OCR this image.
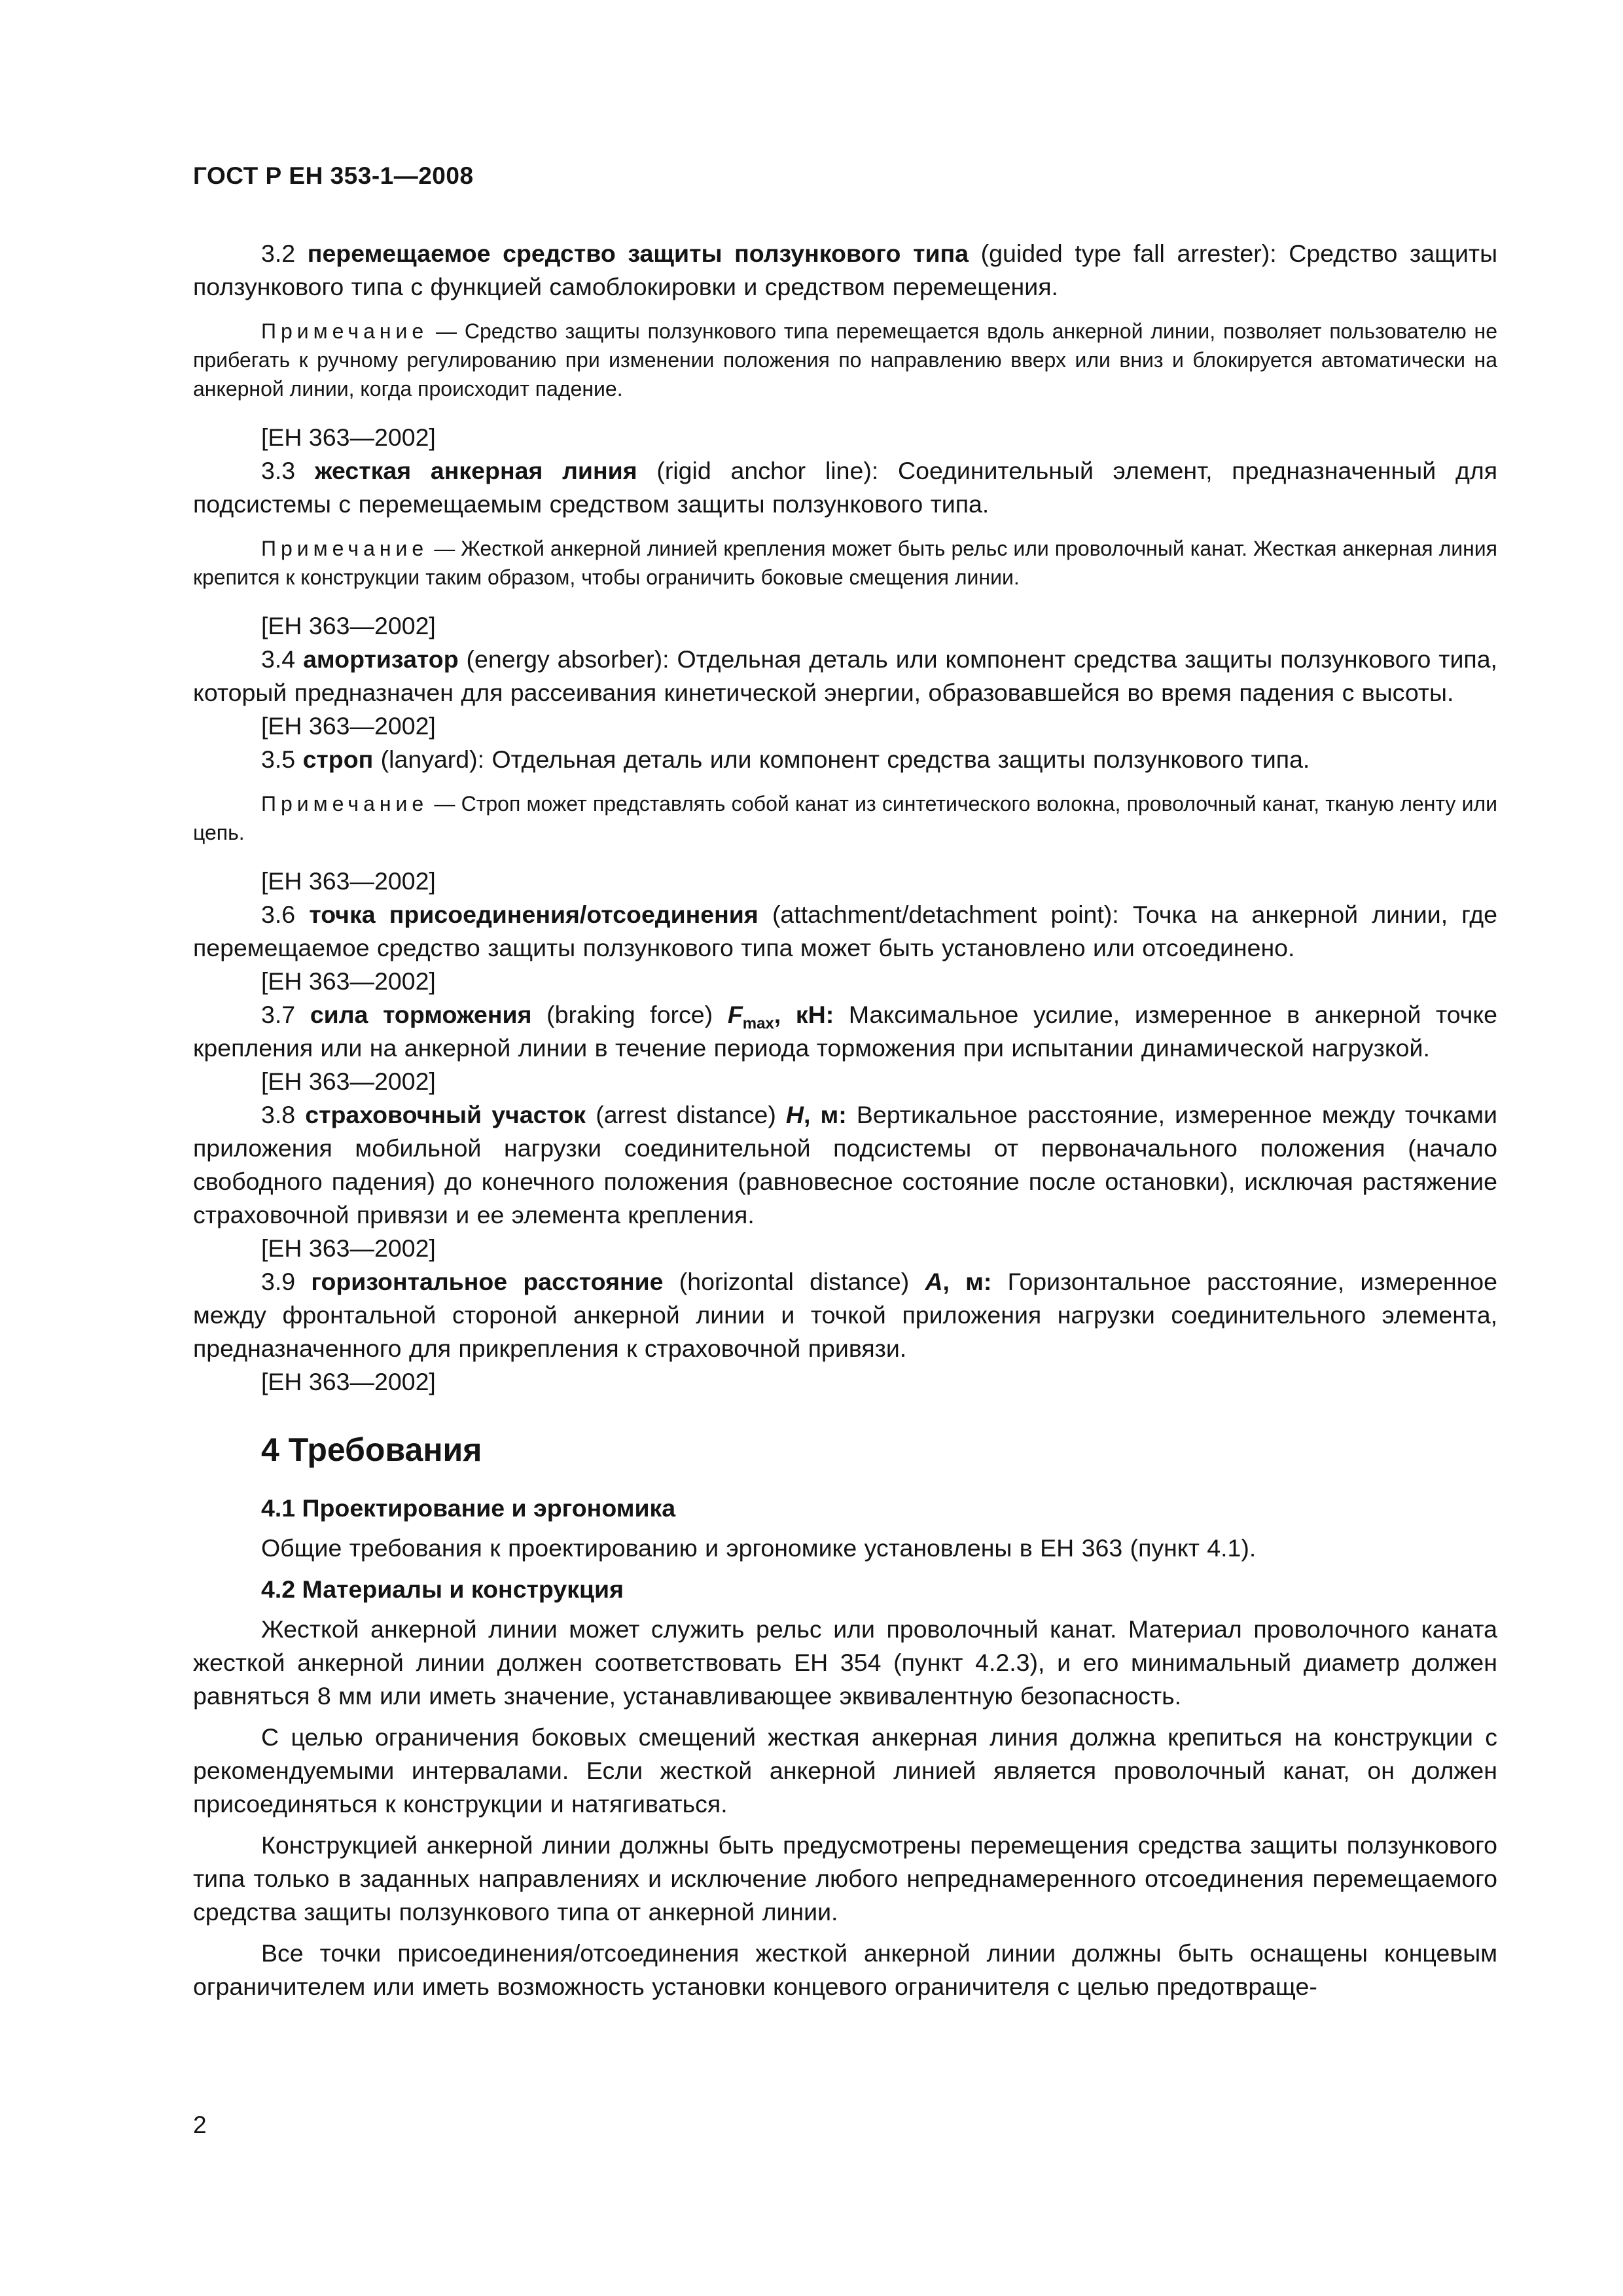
ГОСТ Р ЕН 353-1—2008

3.2 перемещаемое средство защиты ползункового типа (guided type fall arrester): Средство защиты ползункового типа с функцией самоблокировки и средством перемещения.

Примечание — Средство защиты ползункового типа перемещается вдоль анкерной линии, позволяет пользователю не прибегать к ручному регулированию при изменении положения по направлению вверх или вниз и блокируется автоматически на анкерной линии, когда происходит падение.

[ЕН 363—2002]

3.3 жесткая анкерная линия (rigid anchor line): Соединительный элемент, предназначенный для подсистемы с перемещаемым средством защиты ползункового типа.

Примечание — Жесткой анкерной линией крепления может быть рельс или проволочный канат. Жесткая анкерная линия крепится к конструкции таким образом, чтобы ограничить боковые смещения линии.

[ЕН 363—2002]

3.4 амортизатор (energy absorber): Отдельная деталь или компонент средства защиты ползункового типа, который предназначен для рассеивания кинетической энергии, образовавшейся во время падения с высоты.

[ЕН 363—2002]

3.5 строп (lanyard): Отдельная деталь или компонент средства защиты ползункового типа.

Примечание — Строп может представлять собой канат из синтетического волокна, проволочный канат, тканую ленту или цепь.

[ЕН 363—2002]

3.6 точка присоединения/отсоединения (attachment/detachment point): Точка на анкерной линии, где перемещаемое средство защиты ползункового типа может быть установлено или отсоединено.

[ЕН 363—2002]

3.7 сила торможения (braking force) $F_{max}$, кН: Максимальное усилие, измеренное в анкерной точке крепления или на анкерной линии в течение периода торможения при испытании динамической нагрузкой.

[ЕН 363—2002]

3.8 страховочный участок (arrest distance) H, м: Вертикальное расстояние, измеренное между точками приложения мобильной нагрузки соединительной подсистемы от первоначального положения (начало свободного падения) до конечного положения (равновесное состояние после остановки), исключая растяжение страховочной привязи и ее элемента крепления.

[ЕН 363—2002]

3.9 горизонтальное расстояние (horizontal distance) A, м: Горизонтальное расстояние, измеренное между фронтальной стороной анкерной линии и точкой приложения нагрузки соединительного элемента, предназначенного для прикрепления к страховочной привязи.

[ЕН 363—2002]

4 Требования

4.1 Проектирование и эргономика

Общие требования к проектированию и эргономике установлены в ЕН 363 (пункт 4.1).

4.2 Материалы и конструкция

Жесткой анкерной линии может служить рельс или проволочный канат. Материал проволочного каната жесткой анкерной линии должен соответствовать ЕН 354 (пункт 4.2.3), и его минимальный диаметр должен равняться 8 мм или иметь значение, устанавливающее эквивалентную безопасность.

С целью ограничения боковых смещений жесткая анкерная линия должна крепиться на конструкции с рекомендуемыми интервалами. Если жесткой анкерной линией является проволочный канат, он должен присоединяться к конструкции и натягиваться.

Конструкцией анкерной линии должны быть предусмотрены перемещения средства защиты ползункового типа только в заданных направлениях и исключение любого непреднамеренного отсоединения перемещаемого средства защиты ползункового типа от анкерной линии.

Все точки присоединения/отсоединения жесткой анкерной линии должны быть оснащены концевым ограничителем или иметь возможность установки концевого ограничителя с целью предотвраще-

2
